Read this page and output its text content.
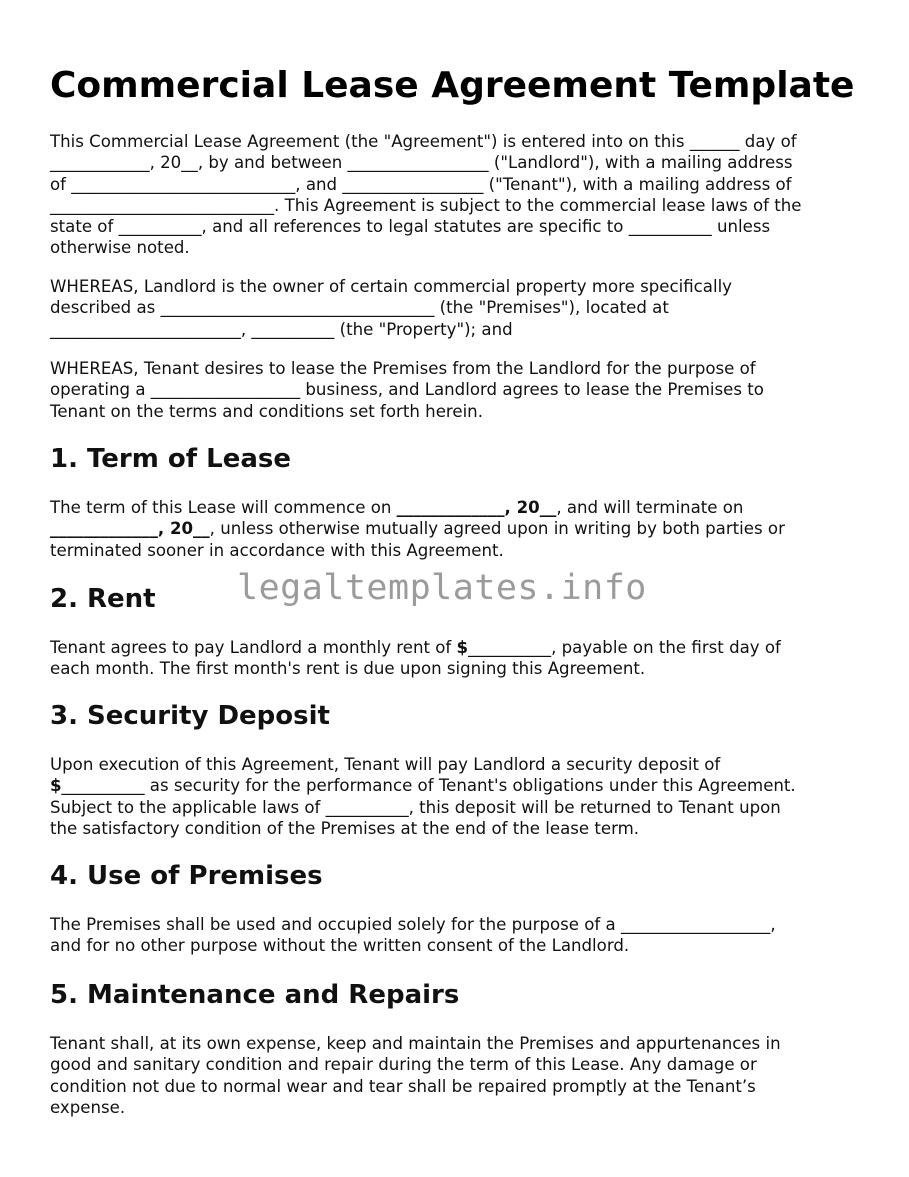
Commercial Lease Agreement Template

This Commercial Lease Agreement (the "Agreement") is entered into on this ______ day of
____________, 20__, by and between _________________ ("Landlord"), with a mailing address
of ___________________________, and _________________ ("Tenant"), with a mailing address of
___________________________. This Agreement is subject to the commercial lease laws of the
state of __________, and all references to legal statutes are specific to __________ unless
otherwise noted.

WHEREAS, Landlord is the owner of certain commercial property more specifically
described as _________________________________ (the "Premises"), located at
_______________________, __________ (the "Property"); and

WHEREAS, Tenant desires to lease the Premises from the Landlord for the purpose of
operating a __________________ business, and Landlord agrees to lease the Premises to
Tenant on the terms and conditions set forth herein.

1. Term of Lease

The term of this Lease will commence on _____________, 20__, and will terminate on
_____________, 20__, unless otherwise mutually agreed upon in writing by both parties or
terminated sooner in accordance with this Agreement.

2. Rent

Tenant agrees to pay Landlord a monthly rent of $__________, payable on the first day of
each month. The first month's rent is due upon signing this Agreement.

3. Security Deposit

Upon execution of this Agreement, Tenant will pay Landlord a security deposit of
$__________ as security for the performance of Tenant's obligations under this Agreement.
Subject to the applicable laws of __________, this deposit will be returned to Tenant upon
the satisfactory condition of the Premises at the end of the lease term.

4. Use of Premises

The Premises shall be used and occupied solely for the purpose of a __________________,
and for no other purpose without the written consent of the Landlord.

5. Maintenance and Repairs

Tenant shall, at its own expense, keep and maintain the Premises and appurtenances in
good and sanitary condition and repair during the term of this Lease. Any damage or
condition not due to normal wear and tear shall be repaired promptly at the Tenant’s
expense.

legaltemplates.info
